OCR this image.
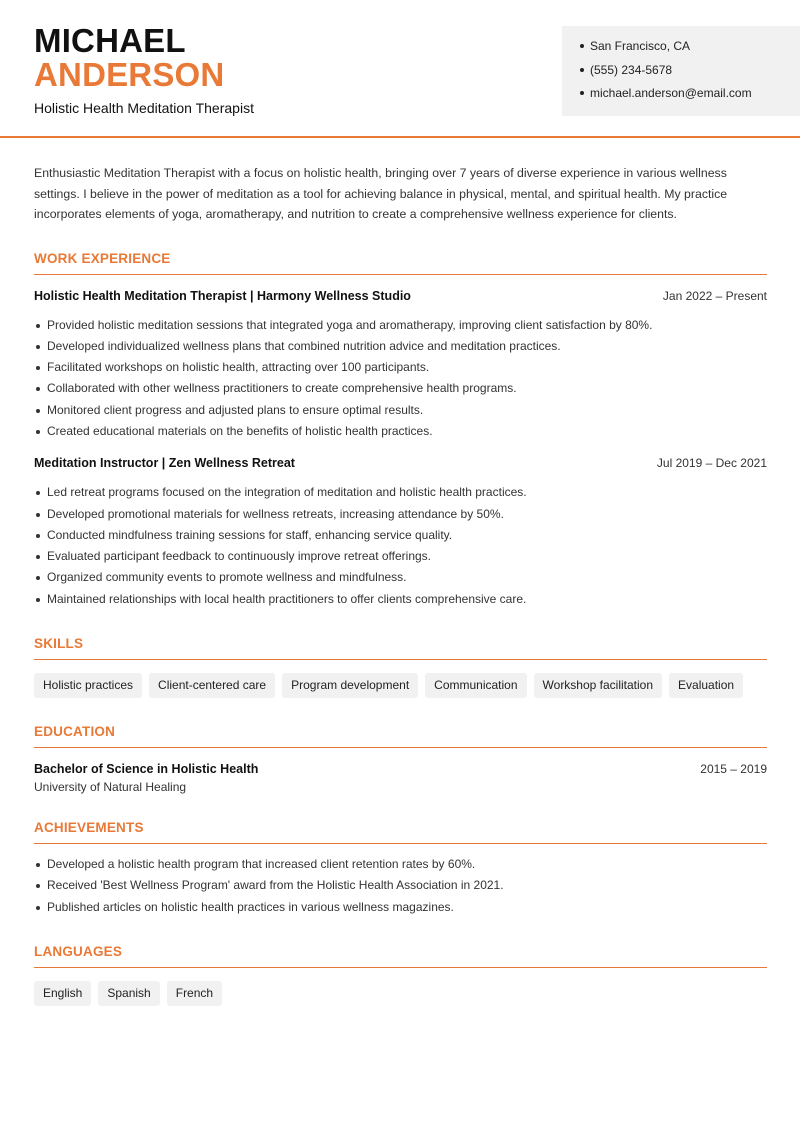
MICHAEL
ANDERSON
Holistic Health Meditation Therapist
San Francisco, CA
(555) 234-5678
michael.anderson@email.com

Enthusiastic Meditation Therapist with a focus on holistic health, bringing over 7 years of diverse experience in various wellness settings. I believe in the power of meditation as a tool for achieving balance in physical, mental, and spiritual health. My practice incorporates elements of yoga, aromatherapy, and nutrition to create a comprehensive wellness experience for clients.

WORK EXPERIENCE
Holistic Health Meditation Therapist | Harmony Wellness Studio	Jan 2022 – Present
Provided holistic meditation sessions that integrated yoga and aromatherapy, improving client satisfaction by 80%.
Developed individualized wellness plans that combined nutrition advice and meditation practices.
Facilitated workshops on holistic health, attracting over 100 participants.
Collaborated with other wellness practitioners to create comprehensive health programs.
Monitored client progress and adjusted plans to ensure optimal results.
Created educational materials on the benefits of holistic health practices.
Meditation Instructor | Zen Wellness Retreat	Jul 2019 – Dec 2021
Led retreat programs focused on the integration of meditation and holistic health practices.
Developed promotional materials for wellness retreats, increasing attendance by 50%.
Conducted mindfulness training sessions for staff, enhancing service quality.
Evaluated participant feedback to continuously improve retreat offerings.
Organized community events to promote wellness and mindfulness.
Maintained relationships with local health practitioners to offer clients comprehensive care.
SKILLS
Holistic practices	Client-centered care	Program development	Communication	Workshop facilitation	Evaluation
EDUCATION
Bachelor of Science in Holistic Health	2015 – 2019
University of Natural Healing
ACHIEVEMENTS
Developed a holistic health program that increased client retention rates by 60%.
Received 'Best Wellness Program' award from the Holistic Health Association in 2021.
Published articles on holistic health practices in various wellness magazines.
LANGUAGES
English	Spanish	French
